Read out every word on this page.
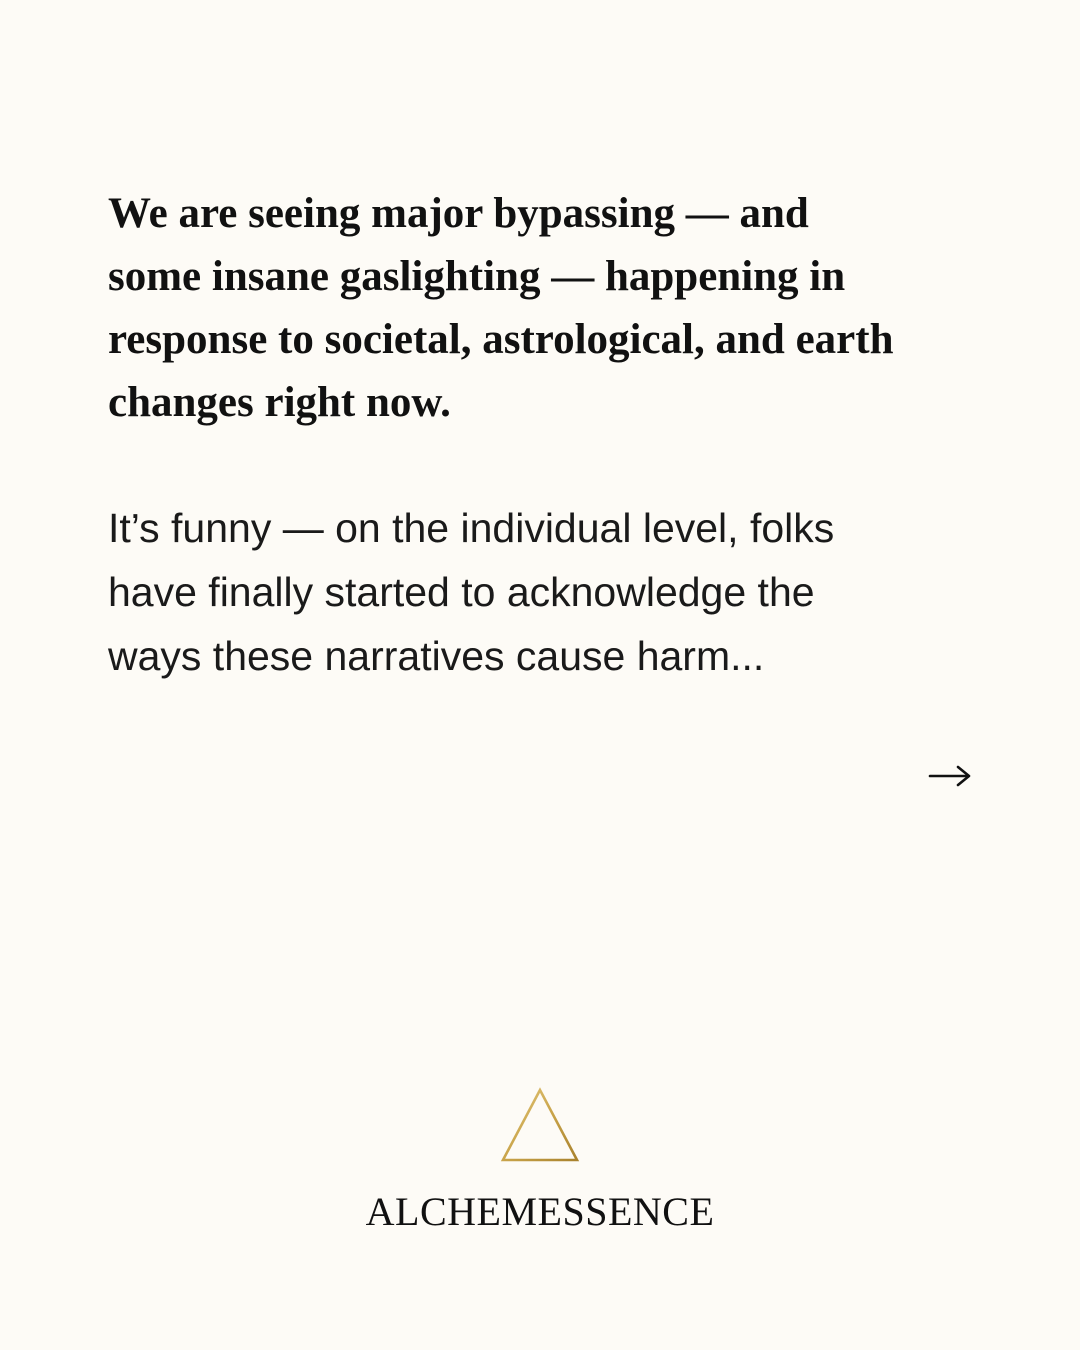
We are seeing major bypassing — and
some insane gaslighting — happening in
response to societal, astrological, and earth
changes right now.

It’s funny — on the individual level, folks
have finally started to acknowledge the
ways these narratives cause harm...

ALCHEMESSENCE
